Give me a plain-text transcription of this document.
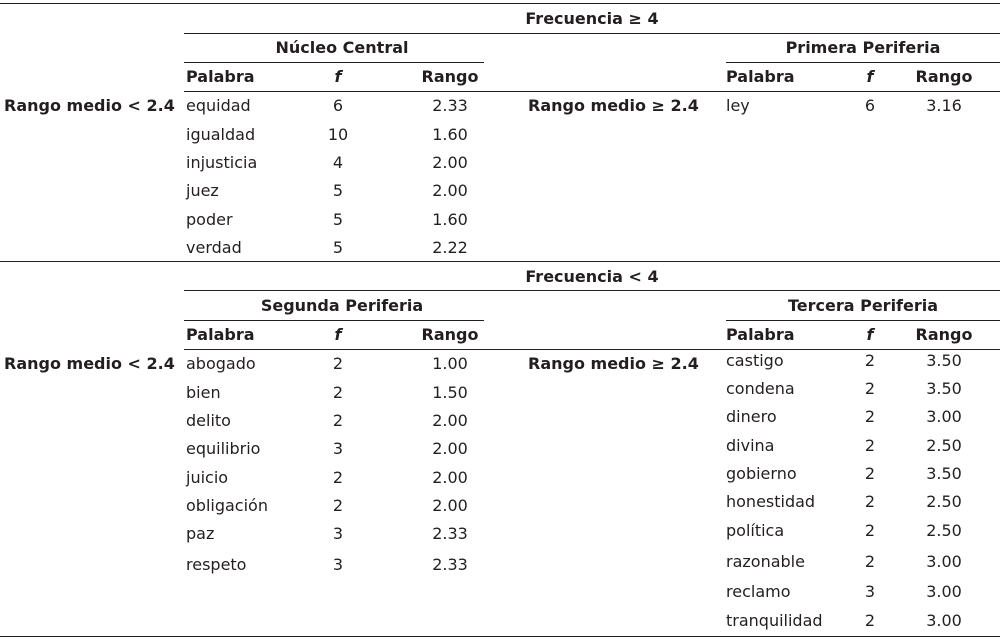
Frecuencia ≥ 4
Núcleo Central	Primera Periferia
Palabra	f	Rango	Palabra	f	Rango
Rango medio < 2.4	Rango medio ≥ 2.4
equidad	6	2.33
igualdad	10	1.60
injusticia	4	2.00
juez	5	2.00
poder	5	1.60
verdad	5	2.22
ley	6	3.16
Frecuencia < 4
Segunda Periferia	Tercera Periferia
Palabra	f	Rango	Palabra	f	Rango
Rango medio < 2.4	Rango medio ≥ 2.4
abogado	2	1.00
bien	2	1.50
delito	2	2.00
equilibrio	3	2.00
juicio	2	2.00
obligación	2	2.00
paz	3	2.33
respeto	3	2.33
castigo	2	3.50
condena	2	3.50
dinero	2	3.00
divina	2	2.50
gobierno	2	3.50
honestidad	2	2.50
política	2	2.50
razonable	2	3.00
reclamo	3	3.00
tranquilidad	2	3.00
